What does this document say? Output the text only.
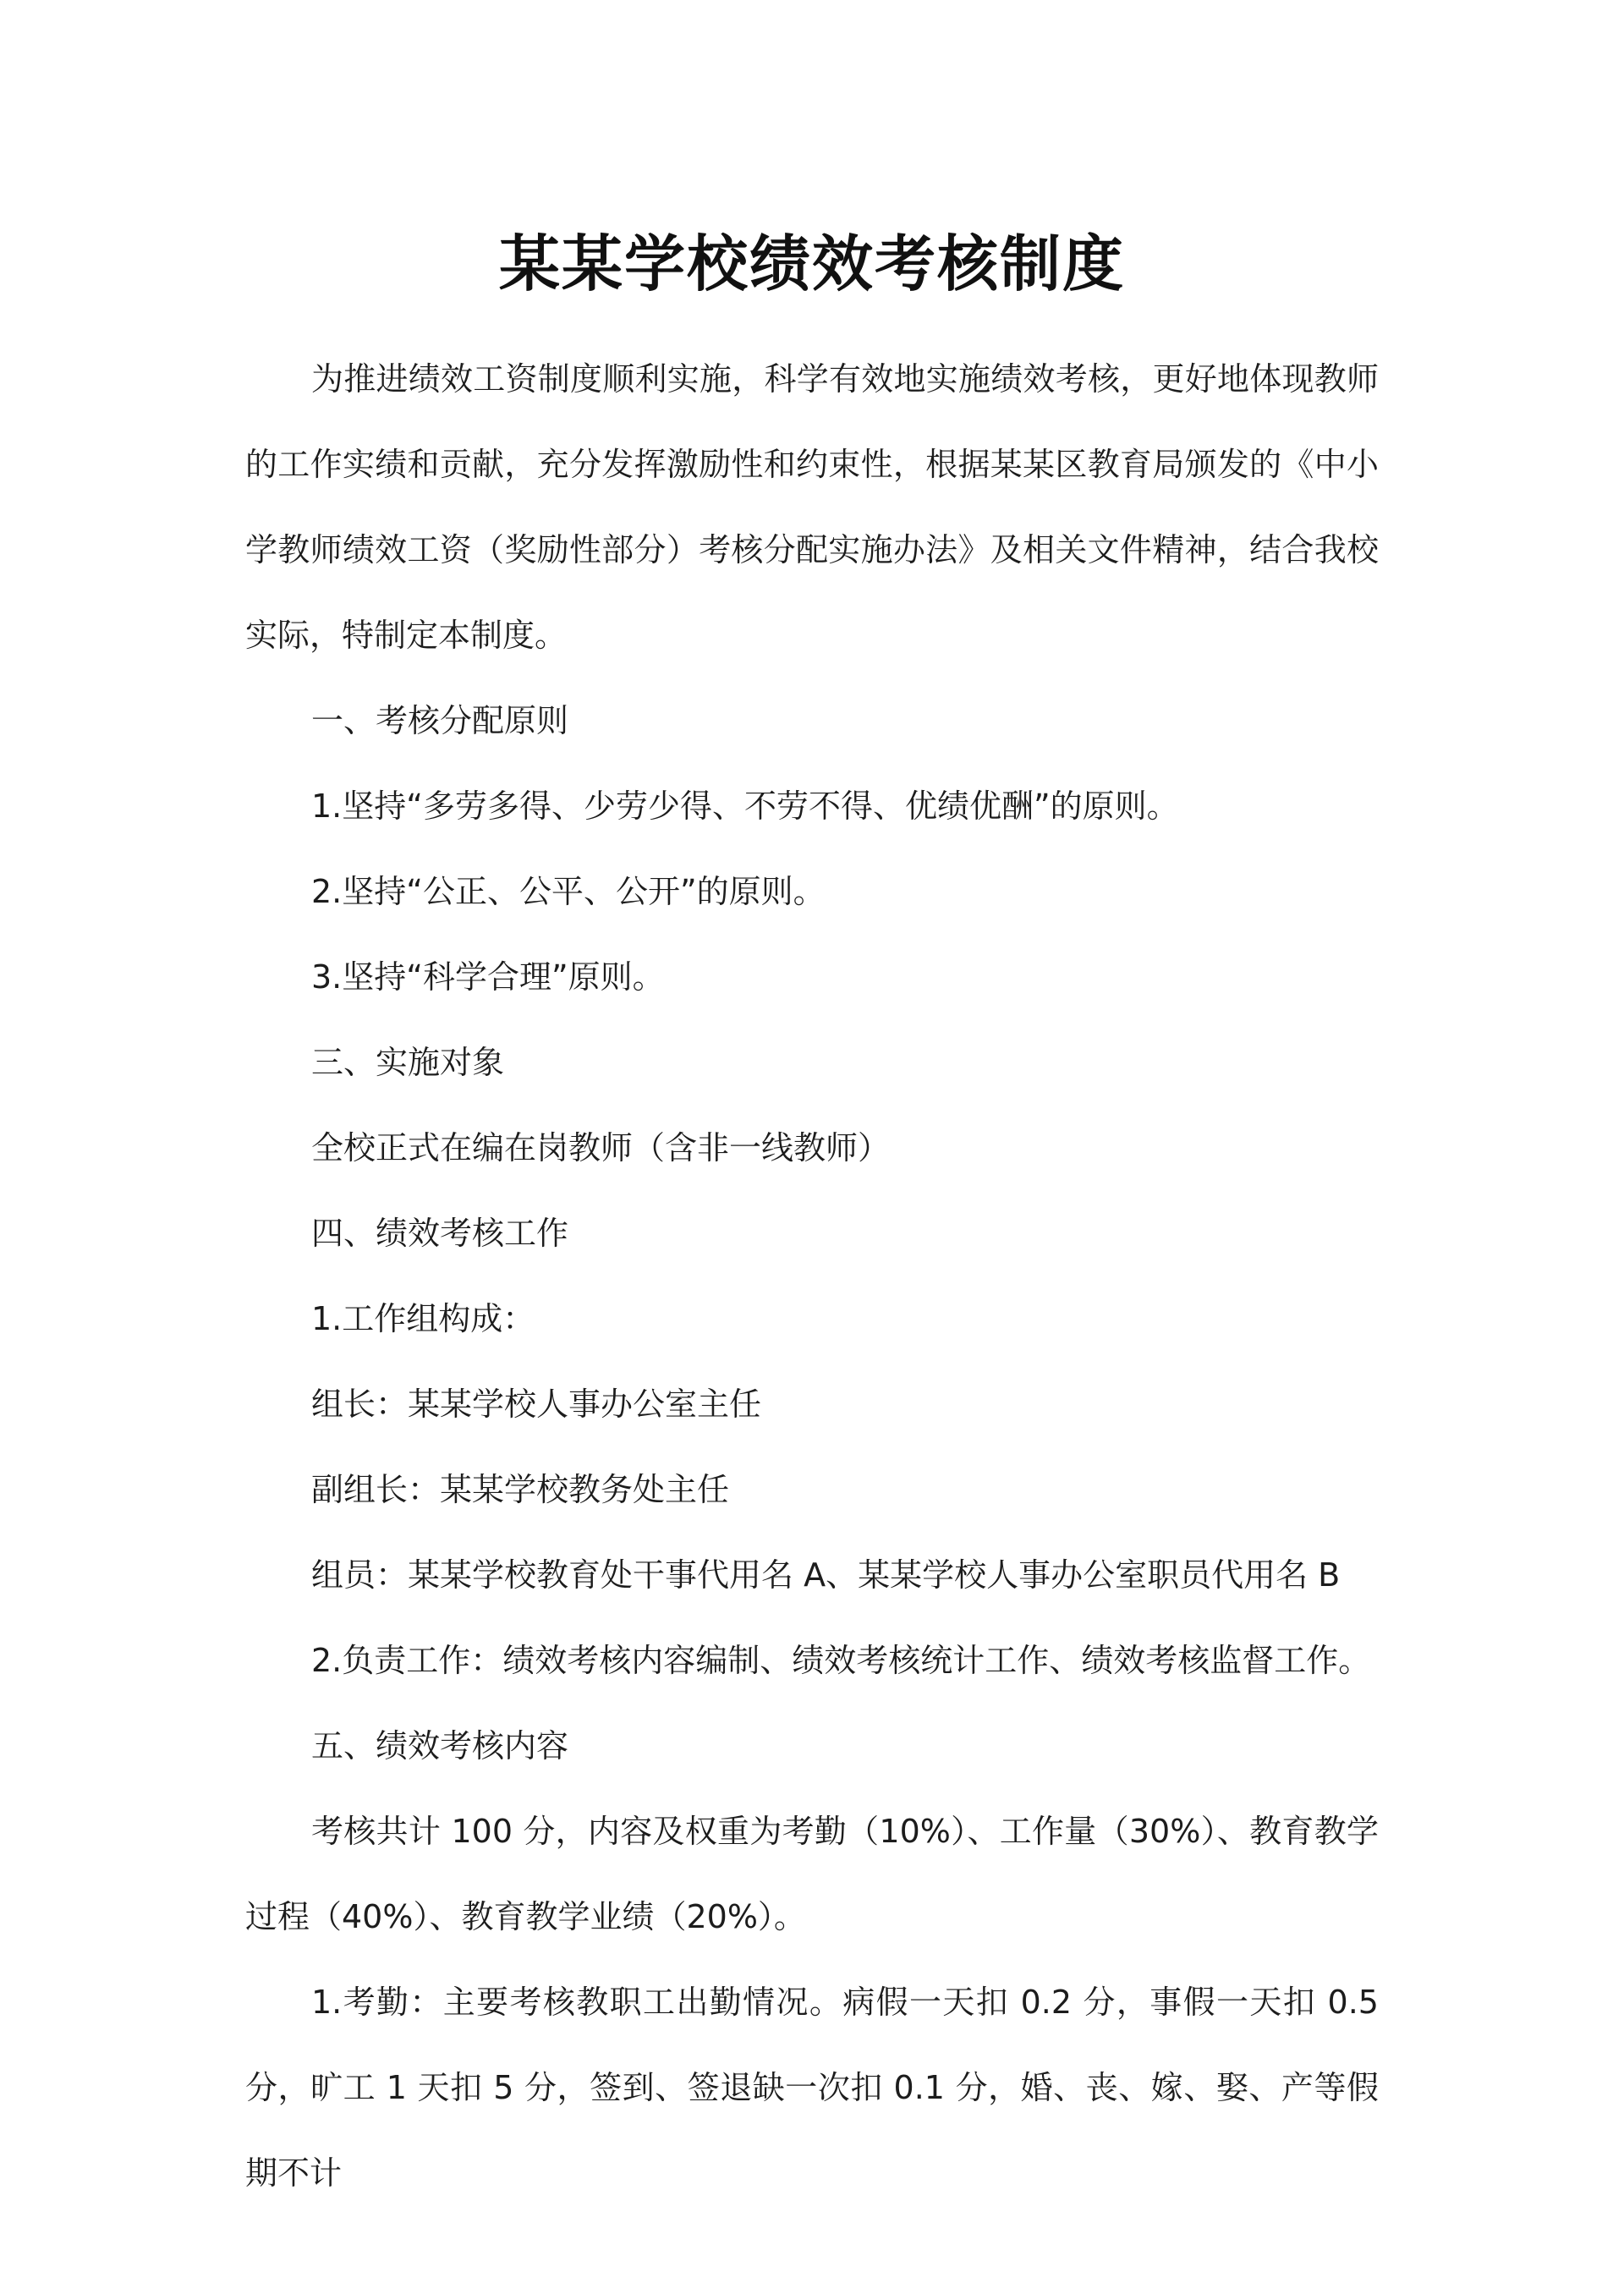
某某学校绩效考核制度

为推进绩效工资制度顺利实施，科学有效地实施绩效考核，更好地体现教师的工作实绩和贡献，充分发挥激励性和约束性，根据某某区教育局颁发的《中小学教师绩效工资（奖励性部分）考核分配实施办法》及相关文件精神，结合我校实际，特制定本制度。

一、考核分配原则

1.坚持“多劳多得、少劳少得、不劳不得、优绩优酬”的原则。

2.坚持“公正、公平、公开”的原则。

3.坚持“科学合理”原则。

三、实施对象

全校正式在编在岗教师（含非一线教师）

四、绩效考核工作

1.工作组构成：

组长：某某学校人事办公室主任

副组长：某某学校教务处主任

组员：某某学校教育处干事代用名 A、某某学校人事办公室职员代用名 B

2.负责工作：绩效考核内容编制、绩效考核统计工作、绩效考核监督工作。

五、绩效考核内容

考核共计 100 分，内容及权重为考勤（10%）、工作量（30%）、教育教学过程（40%）、教育教学业绩（20%）。

1.考勤：主要考核教职工出勤情况。病假一天扣 0.2 分，事假一天扣 0.5 分，旷工 1 天扣 5 分，签到、签退缺一次扣 0.1 分，婚、丧、嫁、娶、产等假期不计
